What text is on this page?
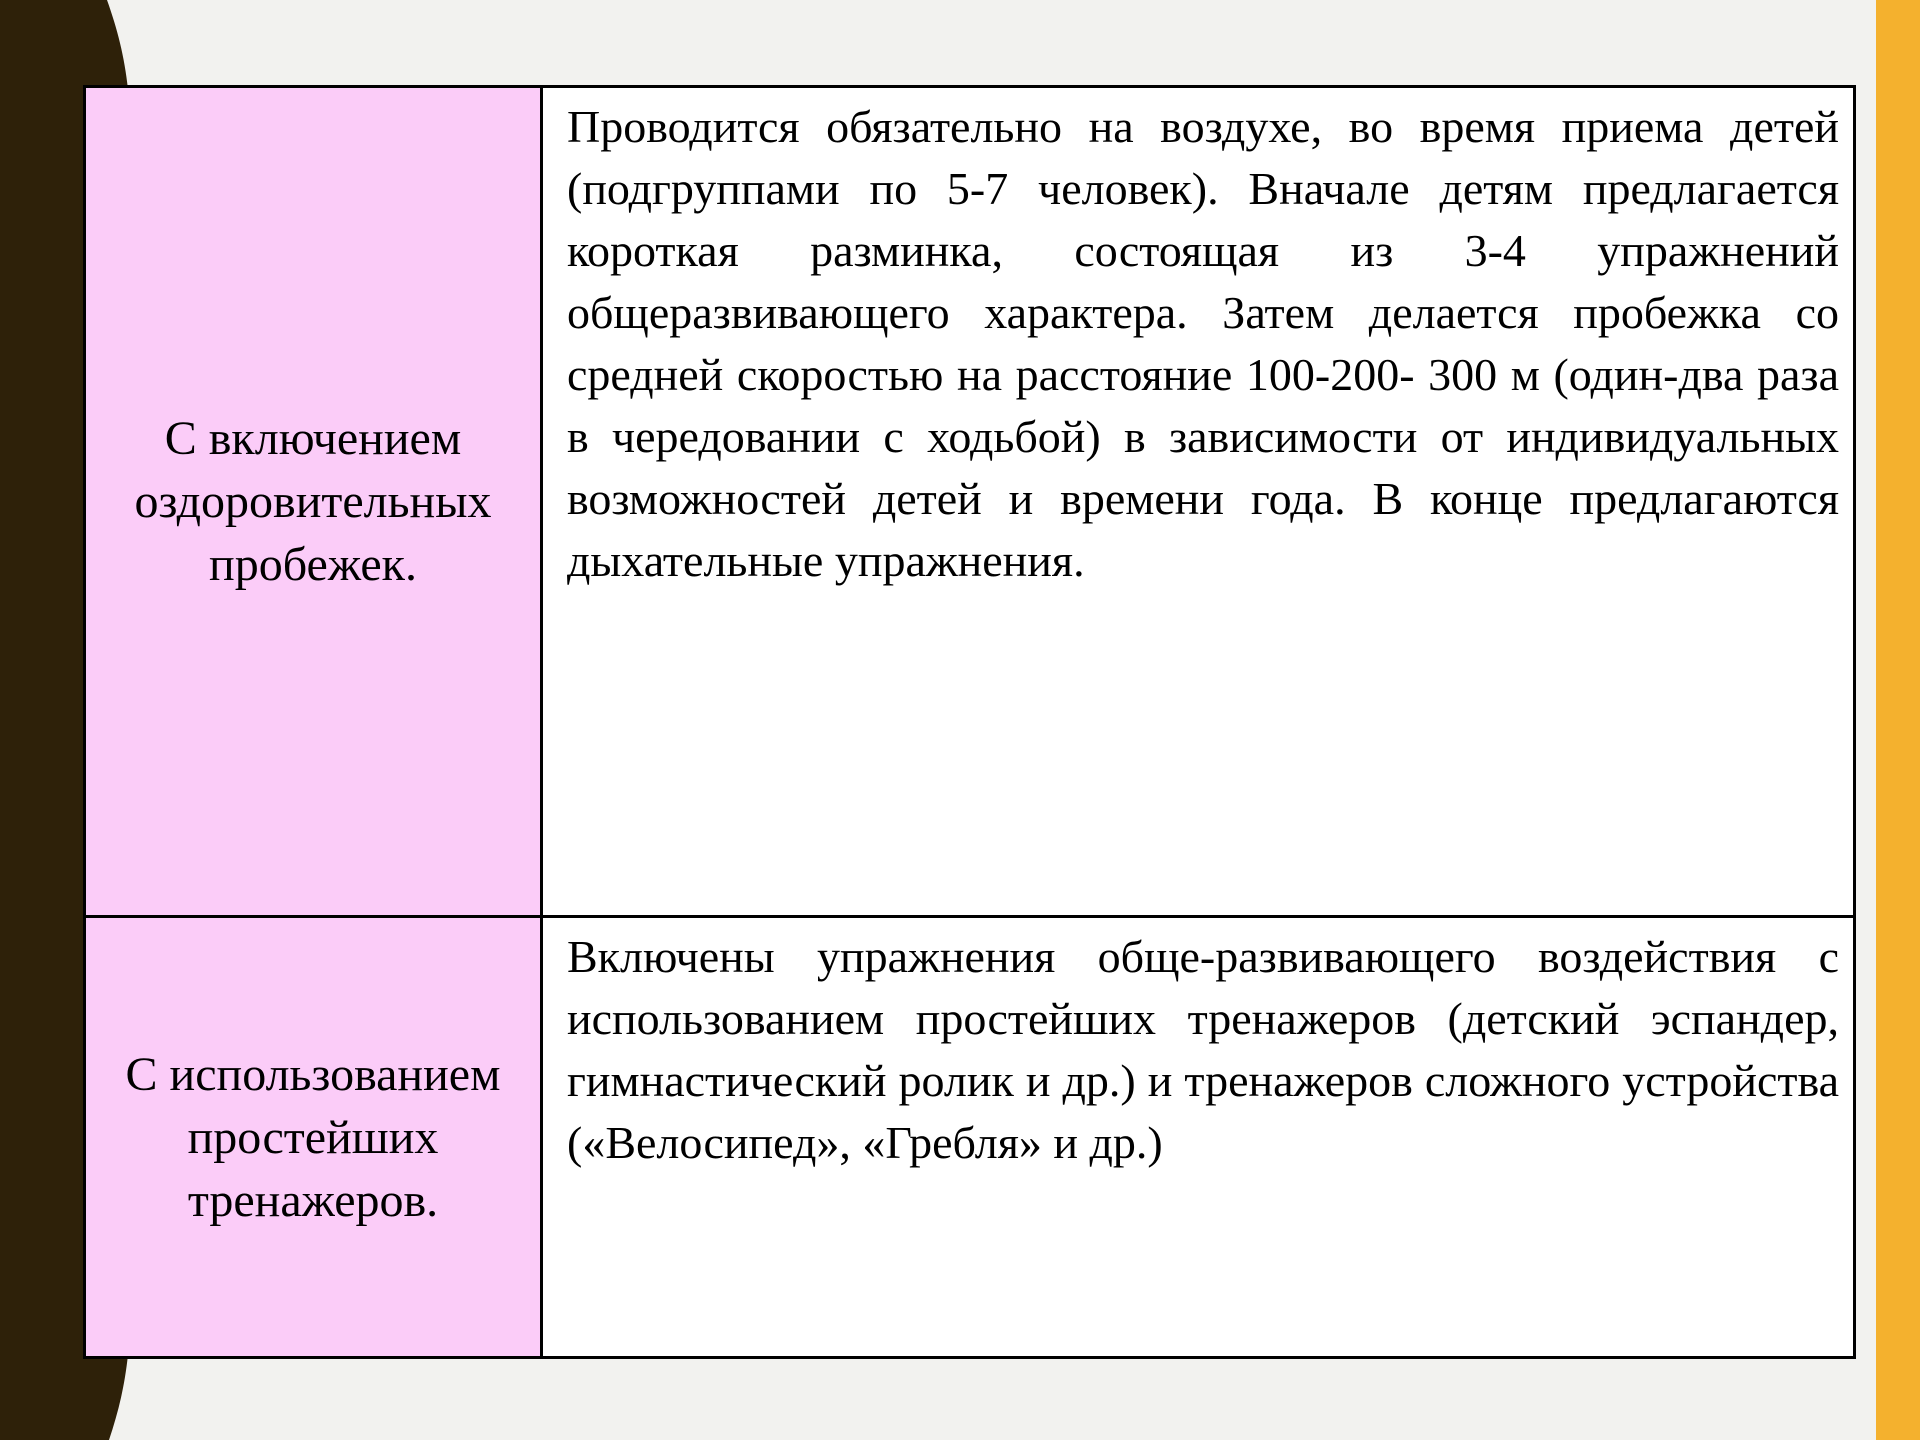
С включением оздоровительных пробежек.	Проводится обязательно на воздухе, во время приема детей (подгруппами по 5-7 человек). Вначале детям предлагается короткая разминка, состоящая из 3-4 упражнений общеразвивающего характера. Затем делается пробежка со средней скоростью на расстояние 100-200- 300 м (один-два раза в чередовании с ходьбой) в зависимости от индивидуальных возможностей детей и времени года. В конце предлагаются дыхательные упражнения.

С использованием простейших тренажеров.	Включены упражнения обще-развивающего воздействия с использованием простейших тренажеров (детский эспандер, гимнастический ролик и др.) и тренажеров сложного устройства («Велосипед», «Гребля» и др.)
